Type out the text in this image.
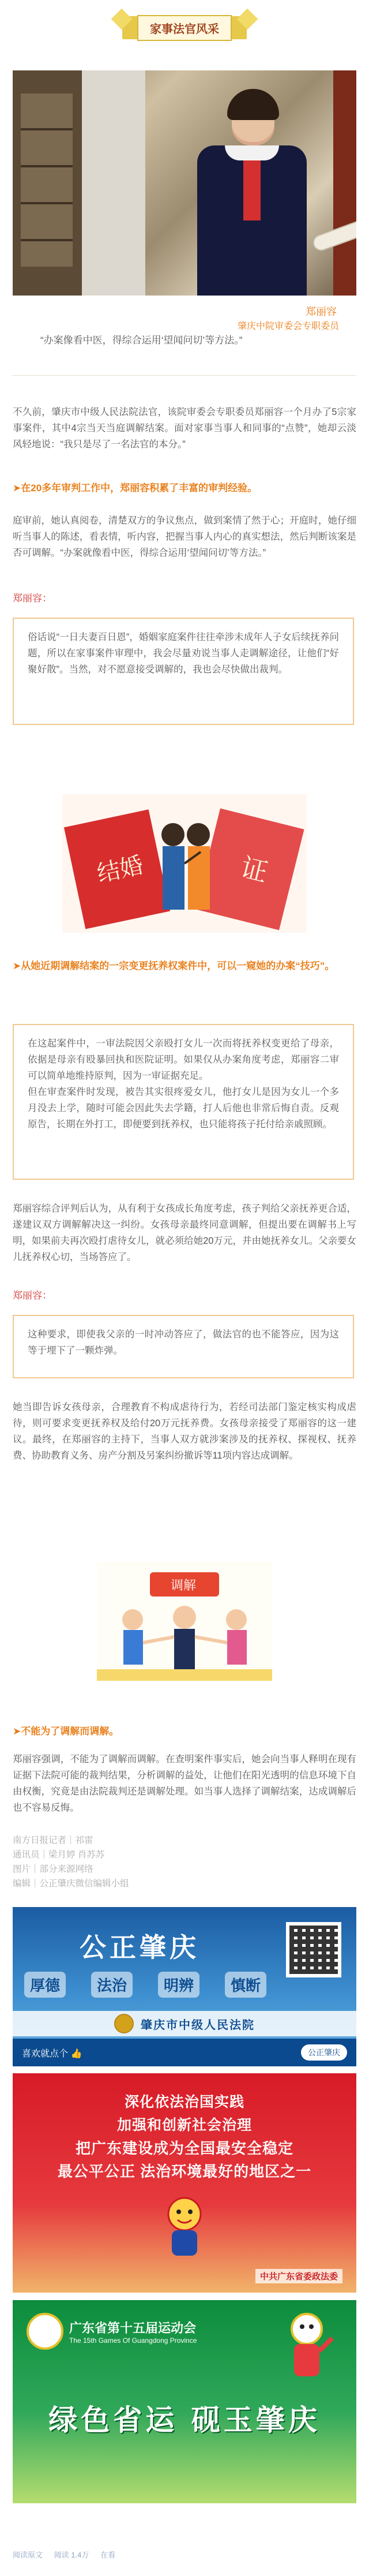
家事法官风采
郑丽容
肇庆中院审委会专职委员
“办案像看中医，得综合运用‘望闻问切’等方法。”
不久前，肇庆市中级人民法院法官，该院审委会专职委员郑丽容一个月办了5宗家事案件，其中4宗当天当庭调解结案。面对家事当事人和同事的“点赞”，她却云淡风轻地说：“我只是尽了一名法官的本分。”
➤在20多年审判工作中，郑丽容积累了丰富的审判经验。
庭审前，她认真阅卷，清楚双方的争议焦点，做到案情了然于心；开庭时，她仔细听当事人的陈述，看表情，听内容，把握当事人内心的真实想法，然后判断该案是否可调解。“办案就像看中医，得综合运用‘望闻问切’等方法。”
郑丽容：
俗话说“一日夫妻百日恩”，婚姻家庭案件往往牵涉未成年人子女后续抚养问题，所以在家事案件审理中，我会尽量劝说当事人走调解途径，让他们“好聚好散”。当然，对不愿意接受调解的，我也会尽快做出裁判。
结婚	证
➤从她近期调解结案的一宗变更抚养权案件中，可以一窥她的办案“技巧”。
在这起案件中，一审法院因父亲殴打女儿一次而将抚养权变更给了母亲，依据是母亲有殴暴回执和医院证明。如果仅从办案角度考虑，郑丽容二审可以简单地维持原判，因为一审证据充足。
但在审查案件时发现，被告其实很疼爱女儿，他打女儿是因为女儿一个多月没去上学，随时可能会因此失去学籍，打人后他也非常后悔自责。反观原告，长期在外打工，即便要到抚养权，也只能将孩子托付给亲戚照顾。
郑丽容综合评判后认为，从有利于女孩成长角度考虑，孩子判给父亲抚养更合适，遂建议双方调解解决这一纠纷。女孩母亲最终同意调解，但提出要在调解书上写明，如果前夫再次殴打虐待女儿，就必须给她20万元，并由她抚养女儿。父亲要女儿抚养权心切，当场答应了。
郑丽容：
这种要求，即使我父亲的一时冲动答应了，做法官的也不能答应，因为这等于埋下了一颗炸弹。
她当即告诉女孩母亲，合理教育不构成虐待行为，若经司法部门鉴定核实构成虐待，则可要求变更抚养权及给付20万元抚养费。女孩母亲接受了郑丽容的这一建议。最终，在郑丽容的主持下，当事人双方就涉案涉及的抚养权、探视权、抚养费、协助教育义务、房产分割及另案纠纷撤诉等11项内容达成调解。
调解
➤不能为了调解而调解。
郑丽容强调，不能为了调解而调解。在查明案件事实后，她会向当事人释明在现有证据下法院可能的裁判结果，分析调解的益处，让他们在阳光透明的信息环境下自由权衡，究竟是由法院裁判还是调解处理。如当事人选择了调解结案，达成调解后也不容易反悔。
南方日报记者｜祁雷
通讯员｜梁月婷 肖苏苏
图片｜部分来源网络
编辑｜公正肇庆微信编辑小组
公正肇庆
厚德	法治	明辨	慎断
肇庆市中级人民法院
喜欢就点个 👍	公正肇庆
深化依法治国实践
加强和创新社会治理
把广东建设成为全国最安全稳定
最公平公正 法治环境最好的地区之一
中共广东省委政法委
广东省第十五届运动会
The 15th Games Of Guangdong Province
绿色省运 砚玉肇庆
阅读原文 阅读 1.4万 在看
